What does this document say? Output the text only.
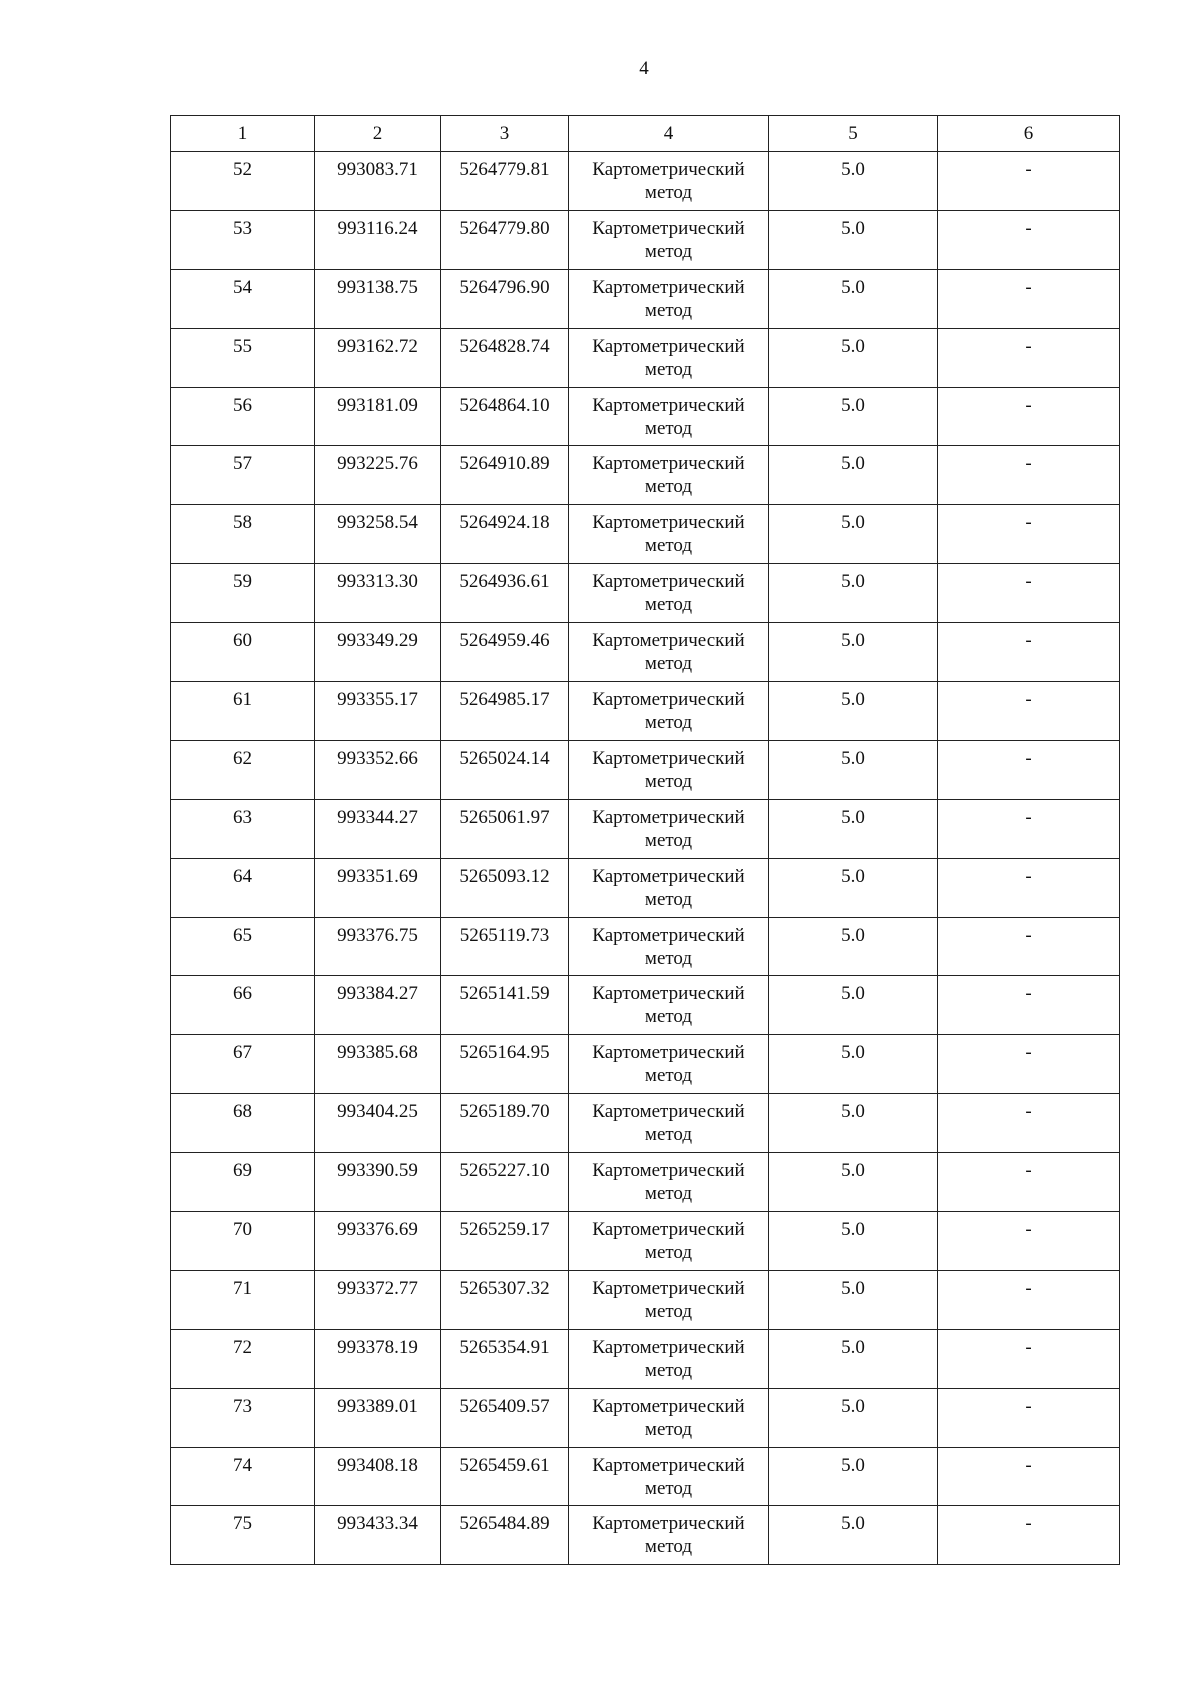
4
1	2	3	4	5	6

52	993083.71	5264779.81	Картометрический метод	5.0	-

53	993116.24	5264779.80	Картометрический метод	5.0	-

54	993138.75	5264796.90	Картометрический метод	5.0	-

55	993162.72	5264828.74	Картометрический метод	5.0	-

56	993181.09	5264864.10	Картометрический метод	5.0	-

57	993225.76	5264910.89	Картометрический метод	5.0	-

58	993258.54	5264924.18	Картометрический метод	5.0	-

59	993313.30	5264936.61	Картометрический метод	5.0	-

60	993349.29	5264959.46	Картометрический метод	5.0	-

61	993355.17	5264985.17	Картометрический метод	5.0	-

62	993352.66	5265024.14	Картометрический метод	5.0	-

63	993344.27	5265061.97	Картометрический метод	5.0	-

64	993351.69	5265093.12	Картометрический метод	5.0	-

65	993376.75	5265119.73	Картометрический метод	5.0	-

66	993384.27	5265141.59	Картометрический метод	5.0	-

67	993385.68	5265164.95	Картометрический метод	5.0	-

68	993404.25	5265189.70	Картометрический метод	5.0	-

69	993390.59	5265227.10	Картометрический метод	5.0	-

70	993376.69	5265259.17	Картометрический метод	5.0	-

71	993372.77	5265307.32	Картометрический метод	5.0	-

72	993378.19	5265354.91	Картометрический метод	5.0	-

73	993389.01	5265409.57	Картометрический метод	5.0	-

74	993408.18	5265459.61	Картометрический метод	5.0	-

75	993433.34	5265484.89	Картометрический метод	5.0	-
